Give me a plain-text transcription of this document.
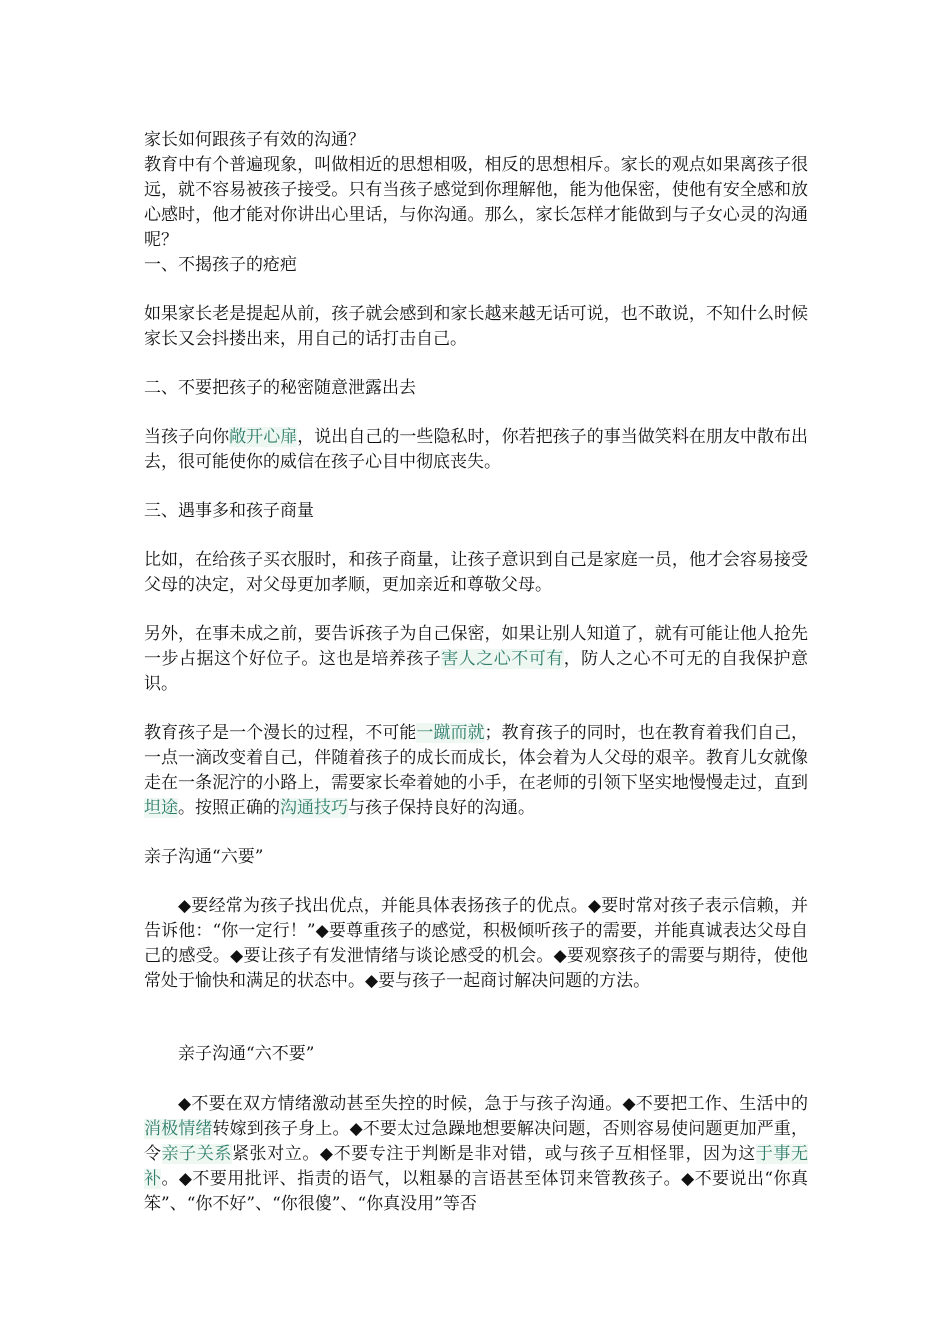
家长如何跟孩子有效的沟通？

教育中有个普遍现象，叫做相近的思想相吸，相反的思想相斥。家长的观点如果离孩子很远，就不容易被孩子接受。只有当孩子感觉到你理解他，能为他保密，使他有安全感和放心感时，他才能对你讲出心里话，与你沟通。那么，家长怎样才能做到与子女心灵的沟通呢？

一、不揭孩子的疮疤

如果家长老是提起从前，孩子就会感到和家长越来越无话可说，也不敢说，不知什么时候家长又会抖搂出来，用自己的话打击自己。

二、不要把孩子的秘密随意泄露出去

当孩子向你敞开心扉，说出自己的一些隐私时，你若把孩子的事当做笑料在朋友中散布出去，很可能使你的威信在孩子心目中彻底丧失。

三、遇事多和孩子商量

比如，在给孩子买衣服时，和孩子商量，让孩子意识到自己是家庭一员，他才会容易接受父母的决定，对父母更加孝顺，更加亲近和尊敬父母。

另外，在事未成之前，要告诉孩子为自己保密，如果让别人知道了，就有可能让他人抢先一步占据这个好位子。这也是培养孩子害人之心不可有，防人之心不可无的自我保护意识。

教育孩子是一个漫长的过程，不可能一蹴而就；教育孩子的同时，也在教育着我们自己，一点一滴改变着自己，伴随着孩子的成长而成长，体会着为人父母的艰辛。教育儿女就像走在一条泥泞的小路上，需要家长牵着她的小手，在老师的引领下坚实地慢慢走过，直到坦途。按照正确的沟通技巧与孩子保持良好的沟通。

亲子沟通“六要”

◆要经常为孩子找出优点，并能具体表扬孩子的优点。◆要时常对孩子表示信赖，并告诉他：“你一定行！”◆要尊重孩子的感觉，积极倾听孩子的需要，并能真诚表达父母自己的感受。◆要让孩子有发泄情绪与谈论感受的机会。◆要观察孩子的需要与期待，使他常处于愉快和满足的状态中。◆要与孩子一起商讨解决问题的方法。

亲子沟通“六不要”

◆不要在双方情绪激动甚至失控的时候，急于与孩子沟通。◆不要把工作、生活中的消极情绪转嫁到孩子身上。◆不要太过急躁地想要解决问题，否则容易使问题更加严重，令亲子关系紧张对立。◆不要专注于判断是非对错，或与孩子互相怪罪，因为这于事无补。◆不要用批评、指责的语气，以粗暴的言语甚至体罚来管教孩子。◆不要说出“你真笨”、“你不好”、“你很傻”、“你真没用”等否
